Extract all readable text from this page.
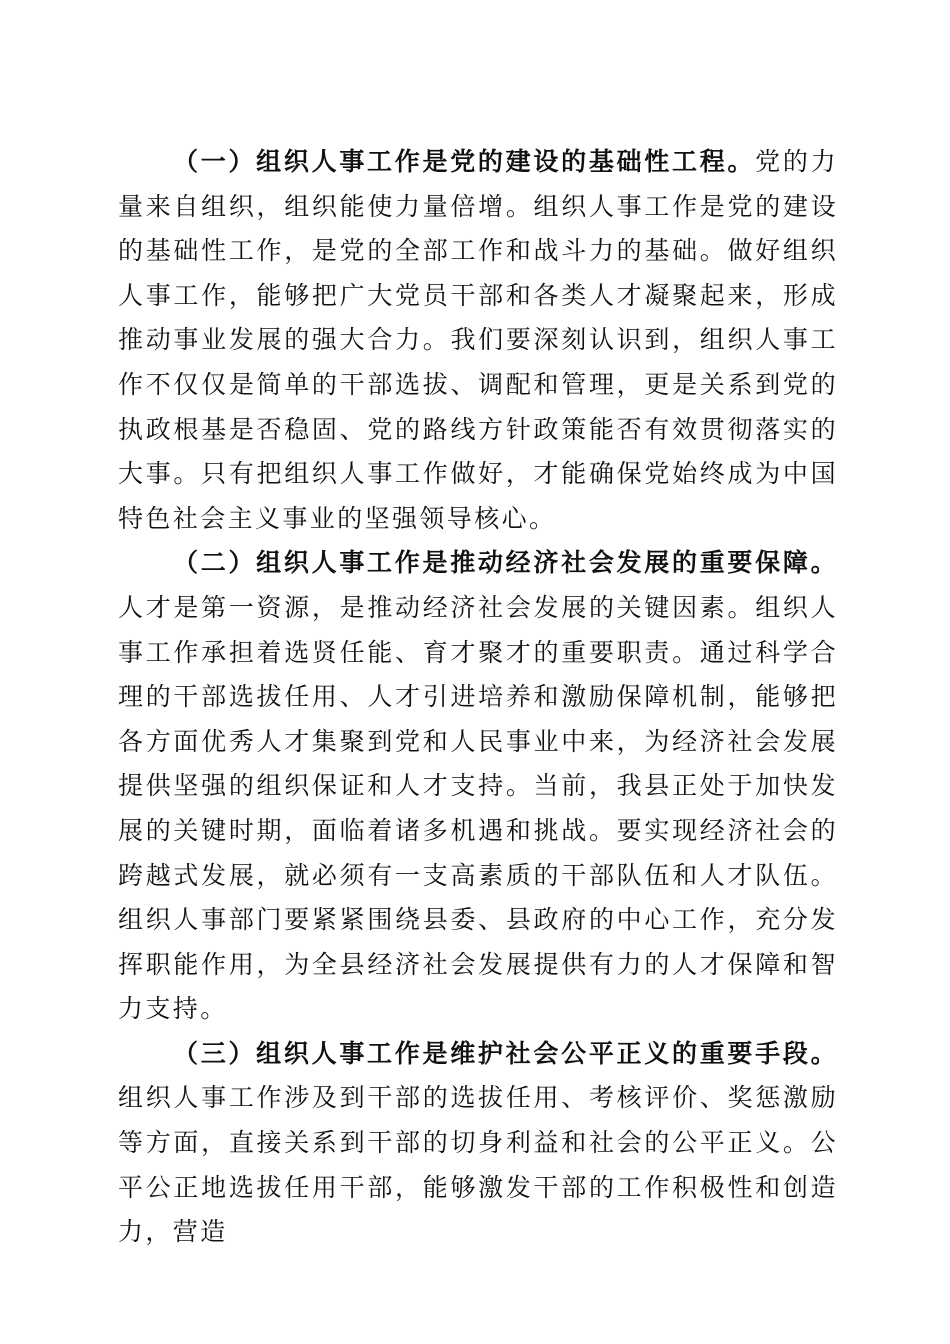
（一）组织人事工作是党的建设的基础性工程。党的力量来自组织，组织能使力量倍增。组织人事工作是党的建设的基础性工作，是党的全部工作和战斗力的基础。做好组织人事工作，能够把广大党员干部和各类人才凝聚起来，形成推动事业发展的强大合力。我们要深刻认识到，组织人事工作不仅仅是简单的干部选拔、调配和管理，更是关系到党的执政根基是否稳固、党的路线方针政策能否有效贯彻落实的大事。只有把组织人事工作做好，才能确保党始终成为中国特色社会主义事业的坚强领导核心。

（二）组织人事工作是推动经济社会发展的重要保障。人才是第一资源，是推动经济社会发展的关键因素。组织人事工作承担着选贤任能、育才聚才的重要职责。通过科学合理的干部选拔任用、人才引进培养和激励保障机制，能够把各方面优秀人才集聚到党和人民事业中来，为经济社会发展提供坚强的组织保证和人才支持。当前，我县正处于加快发展的关键时期，面临着诸多机遇和挑战。要实现经济社会的跨越式发展，就必须有一支高素质的干部队伍和人才队伍。组织人事部门要紧紧围绕县委、县政府的中心工作，充分发挥职能作用，为全县经济社会发展提供有力的人才保障和智力支持。

（三）组织人事工作是维护社会公平正义的重要手段。组织人事工作涉及到干部的选拔任用、考核评价、奖惩激励等方面，直接关系到干部的切身利益和社会的公平正义。公平公正地选拔任用干部，能够激发干部的工作积极性和创造力，营造
